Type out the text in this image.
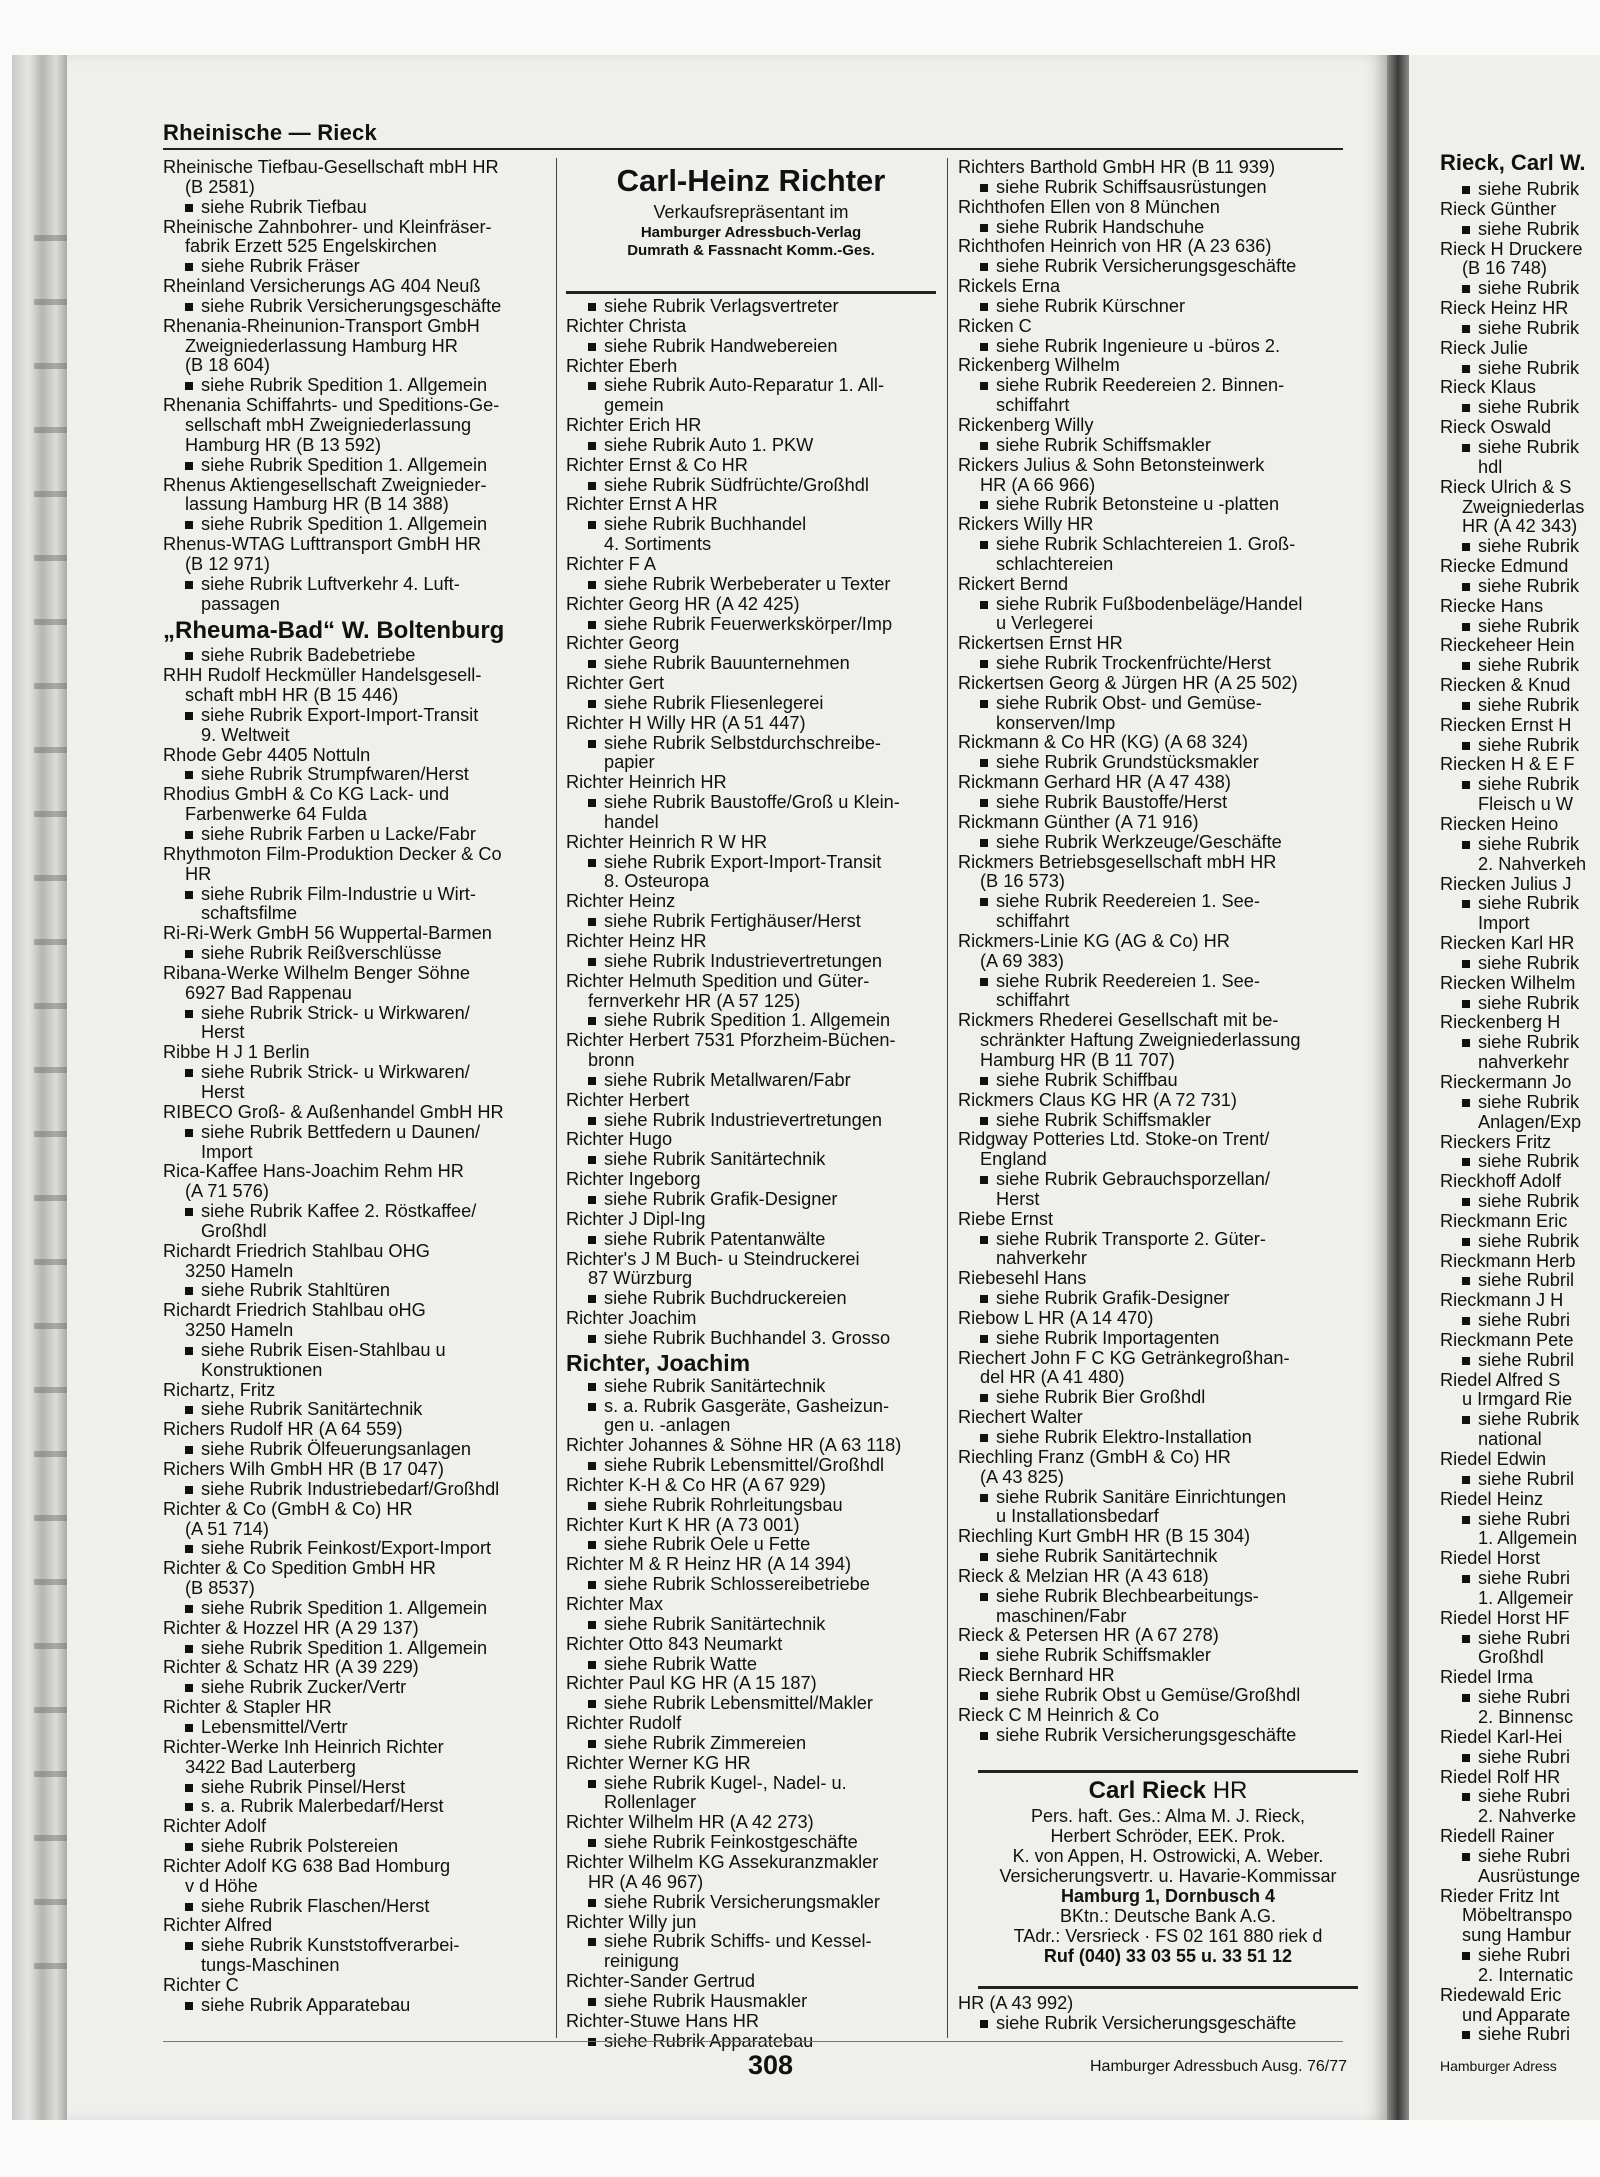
Rheinische — Rieck
Rheinische Tiefbau-Gesellschaft mbH HR
(B 2581)
siehe Rubrik Tiefbau
Rheinische Zahnbohrer- und Kleinfräser-
fabrik Erzett 525 Engelskirchen
siehe Rubrik Fräser
Rheinland Versicherungs AG 404 Neuß
siehe Rubrik Versicherungsgeschäfte
Rhenania-Rheinunion-Transport GmbH
Zweigniederlassung Hamburg HR
(B 18 604)
siehe Rubrik Spedition 1. Allgemein
Rhenania Schiffahrts- und Speditions-Ge-
sellschaft mbH Zweigniederlassung
Hamburg HR (B 13 592)
siehe Rubrik Spedition 1. Allgemein
Rhenus Aktiengesellschaft Zweignieder-
lassung Hamburg HR (B 14 388)
siehe Rubrik Spedition 1. Allgemein
Rhenus-WTAG Lufttransport GmbH HR
(B 12 971)
siehe Rubrik Luftverkehr 4. Luft-
passagen
„Rheuma-Bad“ W. Boltenburg
siehe Rubrik Badebetriebe
RHH Rudolf Heckmüller Handelsgesell-
schaft mbH HR (B 15 446)
siehe Rubrik Export-Import-Transit
9. Weltweit
Rhode Gebr 4405 Nottuln
siehe Rubrik Strumpfwaren/Herst
Rhodius GmbH & Co KG Lack- und
Farbenwerke 64 Fulda
siehe Rubrik Farben u Lacke/Fabr
Rhythmoton Film-Produktion Decker & Co
HR
siehe Rubrik Film-Industrie u Wirt-
schaftsfilme
Ri-Ri-Werk GmbH 56 Wuppertal-Barmen
siehe Rubrik Reißverschlüsse
Ribana-Werke Wilhelm Benger Söhne
6927 Bad Rappenau
siehe Rubrik Strick- u Wirkwaren/
Herst
Ribbe H J 1 Berlin
siehe Rubrik Strick- u Wirkwaren/
Herst
RIBECO Groß- & Außenhandel GmbH HR
siehe Rubrik Bettfedern u Daunen/
Import
Rica-Kaffee Hans-Joachim Rehm HR
(A 71 576)
siehe Rubrik Kaffee 2. Röstkaffee/
Großhdl
Richardt Friedrich Stahlbau OHG
3250 Hameln
siehe Rubrik Stahltüren
Richardt Friedrich Stahlbau oHG
3250 Hameln
siehe Rubrik Eisen-Stahlbau u
Konstruktionen
Richartz, Fritz
siehe Rubrik Sanitärtechnik
Richers Rudolf HR (A 64 559)
siehe Rubrik Ölfeuerungsanlagen
Richers Wilh GmbH HR (B 17 047)
siehe Rubrik Industriebedarf/Großhdl
Richter & Co (GmbH & Co) HR
(A 51 714)
siehe Rubrik Feinkost/Export-Import
Richter & Co Spedition GmbH HR
(B 8537)
siehe Rubrik Spedition 1. Allgemein
Richter & Hozzel HR (A 29 137)
siehe Rubrik Spedition 1. Allgemein
Richter & Schatz HR (A 39 229)
siehe Rubrik Zucker/Vertr
Richter & Stapler HR
Lebensmittel/Vertr
Richter-Werke Inh Heinrich Richter
3422 Bad Lauterberg
siehe Rubrik Pinsel/Herst
s. a. Rubrik Malerbedarf/Herst
Richter Adolf
siehe Rubrik Polstereien
Richter Adolf KG 638 Bad Homburg
v d Höhe
siehe Rubrik Flaschen/Herst
Richter Alfred
siehe Rubrik Kunststoffverarbei-
tungs-Maschinen
Richter C
siehe Rubrik Apparatebau
Carl-Heinz Richter
Verkaufsrepräsentant im
Hamburger Adressbuch-Verlag
Dumrath & Fassnacht Komm.-Ges.
siehe Rubrik Verlagsvertreter
Richter Christa
siehe Rubrik Handwebereien
Richter Eberh
siehe Rubrik Auto-Reparatur 1. All-
gemein
Richter Erich HR
siehe Rubrik Auto 1. PKW
Richter Ernst & Co HR
siehe Rubrik Südfrüchte/Großhdl
Richter Ernst A HR
siehe Rubrik Buchhandel
4. Sortiments
Richter F A
siehe Rubrik Werbeberater u Texter
Richter Georg HR (A 42 425)
siehe Rubrik Feuerwerkskörper/Imp
Richter Georg
siehe Rubrik Bauunternehmen
Richter Gert
siehe Rubrik Fliesenlegerei
Richter H Willy HR (A 51 447)
siehe Rubrik Selbstdurchschreibe-
papier
Richter Heinrich HR
siehe Rubrik Baustoffe/Groß u Klein-
handel
Richter Heinrich R W HR
siehe Rubrik Export-Import-Transit
8. Osteuropa
Richter Heinz
siehe Rubrik Fertighäuser/Herst
Richter Heinz HR
siehe Rubrik Industrievertretungen
Richter Helmuth Spedition und Güter-
fernverkehr HR (A 57 125)
siehe Rubrik Spedition 1. Allgemein
Richter Herbert 7531 Pforzheim-Büchen-
bronn
siehe Rubrik Metallwaren/Fabr
Richter Herbert
siehe Rubrik Industrievertretungen
Richter Hugo
siehe Rubrik Sanitärtechnik
Richter Ingeborg
siehe Rubrik Grafik-Designer
Richter J Dipl-Ing
siehe Rubrik Patentanwälte
Richter's J M Buch- u Steindruckerei
87 Würzburg
siehe Rubrik Buchdruckereien
Richter Joachim
siehe Rubrik Buchhandel 3. Grosso
Richter, Joachim
siehe Rubrik Sanitärtechnik
s. a. Rubrik Gasgeräte, Gasheizun-
gen u. -anlagen
Richter Johannes & Söhne HR (A 63 118)
siehe Rubrik Lebensmittel/Großhdl
Richter K-H & Co HR (A 67 929)
siehe Rubrik Rohrleitungsbau
Richter Kurt K HR (A 73 001)
siehe Rubrik Oele u Fette
Richter M & R Heinz HR (A 14 394)
siehe Rubrik Schlossereibetriebe
Richter Max
siehe Rubrik Sanitärtechnik
Richter Otto 843 Neumarkt
siehe Rubrik Watte
Richter Paul KG HR (A 15 187)
siehe Rubrik Lebensmittel/Makler
Richter Rudolf
siehe Rubrik Zimmereien
Richter Werner KG HR
siehe Rubrik Kugel-, Nadel- u.
Rollenlager
Richter Wilhelm HR (A 42 273)
siehe Rubrik Feinkostgeschäfte
Richter Wilhelm KG Assekuranzmakler
HR (A 46 967)
siehe Rubrik Versicherungsmakler
Richter Willy jun
siehe Rubrik Schiffs- und Kessel-
reinigung
Richter-Sander Gertrud
siehe Rubrik Hausmakler
Richter-Stuwe Hans HR
siehe Rubrik Apparatebau
Richters Barthold GmbH HR (B 11 939)
siehe Rubrik Schiffsausrüstungen
Richthofen Ellen von 8 München
siehe Rubrik Handschuhe
Richthofen Heinrich von HR (A 23 636)
siehe Rubrik Versicherungsgeschäfte
Rickels Erna
siehe Rubrik Kürschner
Ricken C
siehe Rubrik Ingenieure u -büros 2.
Rickenberg Wilhelm
siehe Rubrik Reedereien 2. Binnen-
schiffahrt
Rickenberg Willy
siehe Rubrik Schiffsmakler
Rickers Julius & Sohn Betonsteinwerk
HR (A 66 966)
siehe Rubrik Betonsteine u -platten
Rickers Willy HR
siehe Rubrik Schlachtereien 1. Groß-
schlachtereien
Rickert Bernd
siehe Rubrik Fußbodenbeläge/Handel
u Verlegerei
Rickertsen Ernst HR
siehe Rubrik Trockenfrüchte/Herst
Rickertsen Georg & Jürgen HR (A 25 502)
siehe Rubrik Obst- und Gemüse-
konserven/Imp
Rickmann & Co HR (KG) (A 68 324)
siehe Rubrik Grundstücksmakler
Rickmann Gerhard HR (A 47 438)
siehe Rubrik Baustoffe/Herst
Rickmann Günther (A 71 916)
siehe Rubrik Werkzeuge/Geschäfte
Rickmers Betriebsgesellschaft mbH HR
(B 16 573)
siehe Rubrik Reedereien 1. See-
schiffahrt
Rickmers-Linie KG (AG & Co) HR
(A 69 383)
siehe Rubrik Reedereien 1. See-
schiffahrt
Rickmers Rhederei Gesellschaft mit be-
schränkter Haftung Zweigniederlassung
Hamburg HR (B 11 707)
siehe Rubrik Schiffbau
Rickmers Claus KG HR (A 72 731)
siehe Rubrik Schiffsmakler
Ridgway Potteries Ltd. Stoke-on Trent/
England
siehe Rubrik Gebrauchsporzellan/
Herst
Riebe Ernst
siehe Rubrik Transporte 2. Güter-
nahverkehr
Riebesehl Hans
siehe Rubrik Grafik-Designer
Riebow L HR (A 14 470)
siehe Rubrik Importagenten
Riechert John F C KG Getränkegroßhan-
del HR (A 41 480)
siehe Rubrik Bier Großhdl
Riechert Walter
siehe Rubrik Elektro-Installation
Riechling Franz (GmbH & Co) HR
(A 43 825)
siehe Rubrik Sanitäre Einrichtungen
u Installationsbedarf
Riechling Kurt GmbH HR (B 15 304)
siehe Rubrik Sanitärtechnik
Rieck & Melzian HR (A 43 618)
siehe Rubrik Blechbearbeitungs-
maschinen/Fabr
Rieck & Petersen HR (A 67 278)
siehe Rubrik Schiffsmakler
Rieck Bernhard HR
siehe Rubrik Obst u Gemüse/Großhdl
Rieck C M Heinrich & Co
siehe Rubrik Versicherungsgeschäfte
Carl Rieck HR
Pers. haft. Ges.: Alma M. J. Rieck,
Herbert Schröder, EEK. Prok.
K. von Appen, H. Ostrowicki, A. Weber.
Versicherungsvertr. u. Havarie-Kommissar
Hamburg 1, Dornbusch 4
BKtn.: Deutsche Bank A.G.
TAdr.: Versrieck · FS 02 161 880 riek d
Ruf (040) 33 03 55 u. 33 51 12
HR (A 43 992)
siehe Rubrik Versicherungsgeschäfte
Rieck, Carl W.
siehe Rubrik
Rieck Günther
siehe Rubrik
Rieck H Druckere
(B 16 748)
siehe Rubrik
Rieck Heinz HR
siehe Rubrik
Rieck Julie
siehe Rubrik
Rieck Klaus
siehe Rubrik
Rieck Oswald
siehe Rubrik
hdl
Rieck Ulrich & S
Zweigniederlas
HR (A 42 343)
siehe Rubrik
Riecke Edmund
siehe Rubrik
Riecke Hans
siehe Rubrik
Rieckeheer Hein
siehe Rubrik
Riecken & Knud
siehe Rubrik
Riecken Ernst H
siehe Rubrik
Riecken H & E F
siehe Rubrik
Fleisch u W
Riecken Heino
siehe Rubrik
2. Nahverkeh
Riecken Julius J
siehe Rubrik
Import
Riecken Karl HR
siehe Rubrik
Riecken Wilhelm
siehe Rubrik
Rieckenberg H
siehe Rubrik
nahverkehr
Rieckermann Jo
siehe Rubrik
Anlagen/Exp
Rieckers Fritz
siehe Rubrik
Rieckhoff Adolf
siehe Rubrik
Rieckmann Eric
siehe Rubrik
Rieckmann Herb
siehe Rubril
Rieckmann J H
siehe Rubri
Rieckmann Pete
siehe Rubril
Riedel Alfred S
u Irmgard Rie
siehe Rubrik
national
Riedel Edwin
siehe Rubril
Riedel Heinz
siehe Rubri
1. Allgemein
Riedel Horst
siehe Rubri
1. Allgemeir
Riedel Horst HF
siehe Rubri
Großhdl
Riedel Irma
siehe Rubri
2. Binnensc
Riedel Karl-Hei
siehe Rubri
Riedel Rolf HR
siehe Rubri
2. Nahverke
Riedell Rainer
siehe Rubri
Ausrüstunge
Rieder Fritz Int
Möbeltranspo
sung Hambur
siehe Rubri
2. Internatic
Riedewald Eric
und Apparate
siehe Rubri
308	Hamburger Adressbuch Ausg. 76/77	Hamburger Adress
